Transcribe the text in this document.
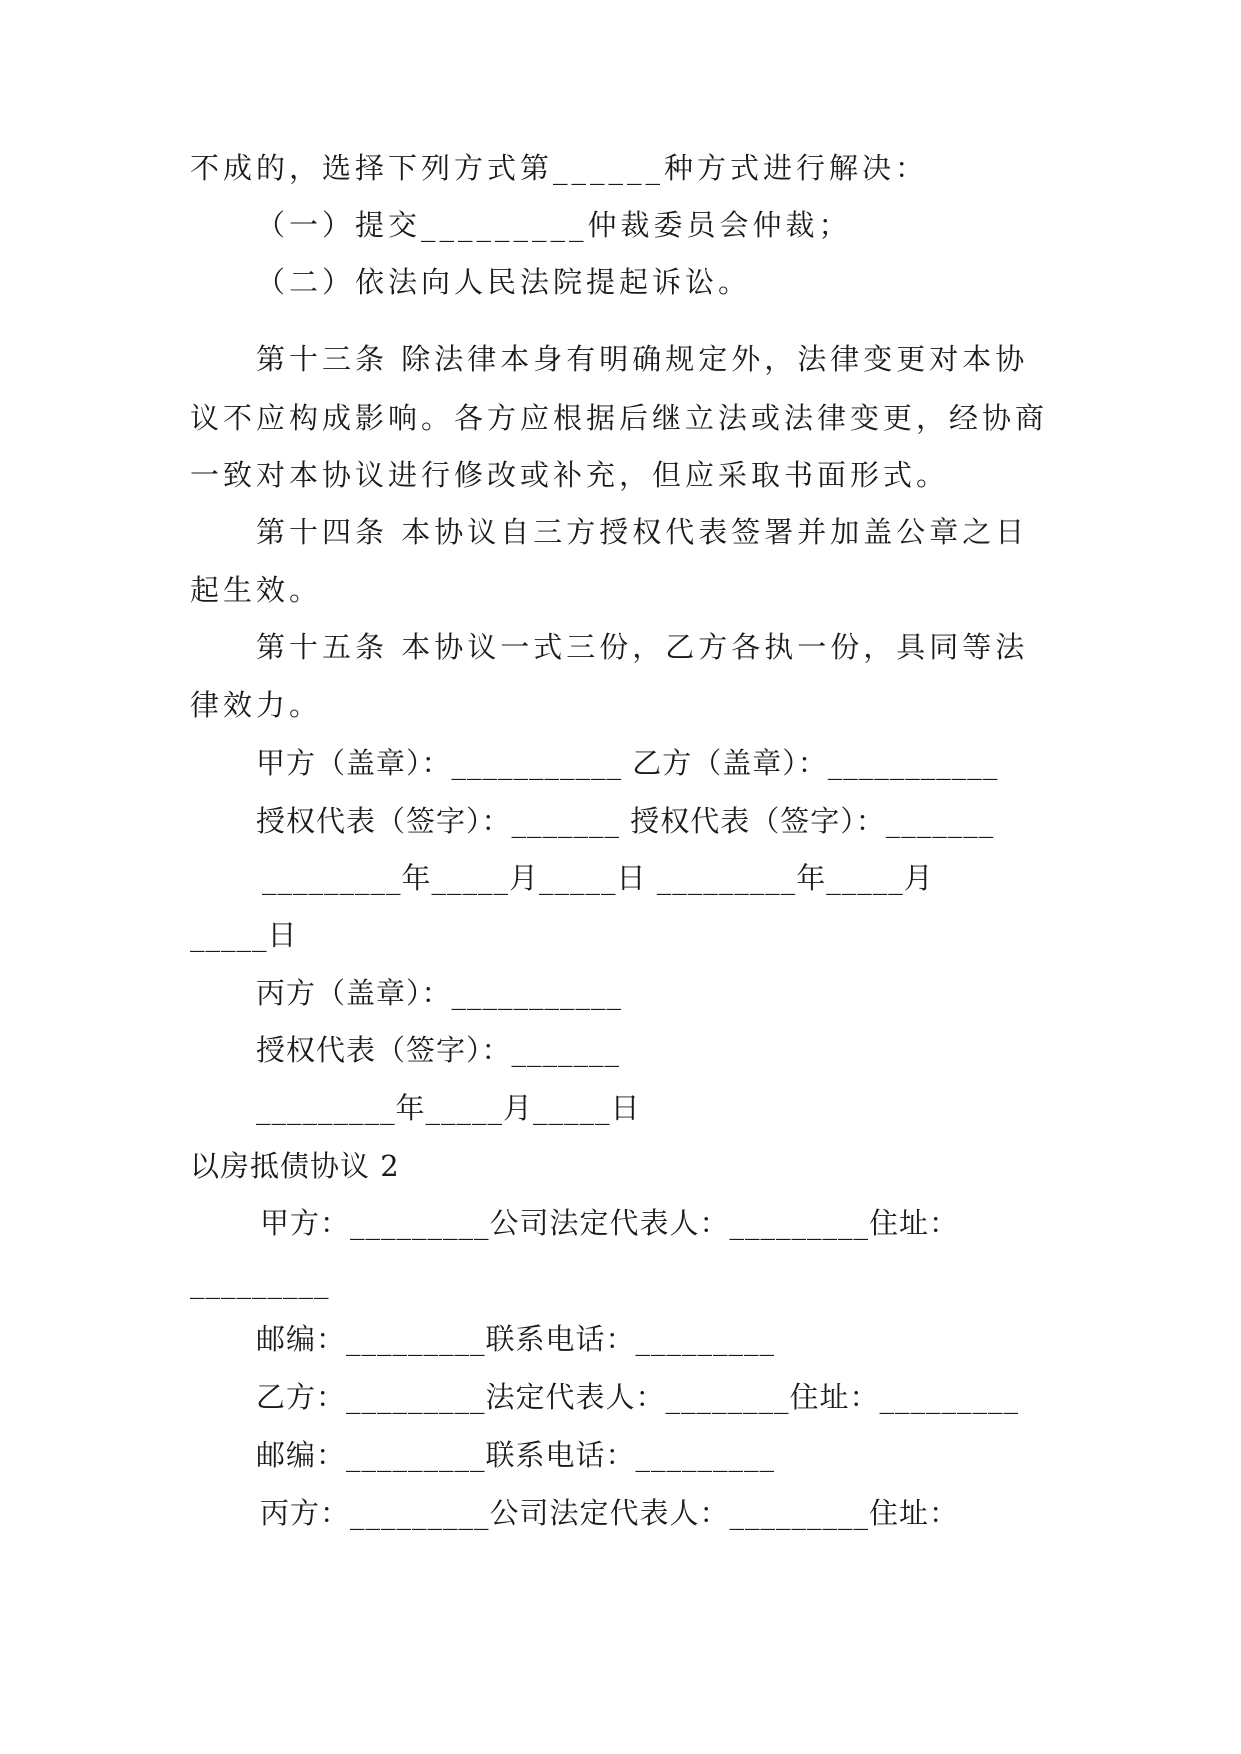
不成的，选择下列方式第______种方式进行解决：
（一）提交_________仲裁委员会仲裁；
（二）依法向人民法院提起诉讼。
第十三条 除法律本身有明确规定外，法律变更对本协
议不应构成影响。各方应根据后继立法或法律变更，经协商
一致对本协议进行修改或补充，但应采取书面形式。
第十四条 本协议自三方授权代表签署并加盖公章之日
起生效。
第十五条 本协议一式三份，乙方各执一份，具同等法
律效力。
甲方（盖章）：___________ 乙方（盖章）：___________
授权代表（签字）：_______ 授权代表（签字）：_______
_________年_____月_____日 _________年_____月
_____日
丙方（盖章）：___________
授权代表（签字）：_______
_________年_____月_____日
以房抵债协议 2
甲方：_________公司法定代表人：_________住址：
_________
邮编：_________联系电话：_________
乙方：_________法定代表人：________住址：_________
邮编：_________联系电话：_________
丙方：_________公司法定代表人：_________住址：
